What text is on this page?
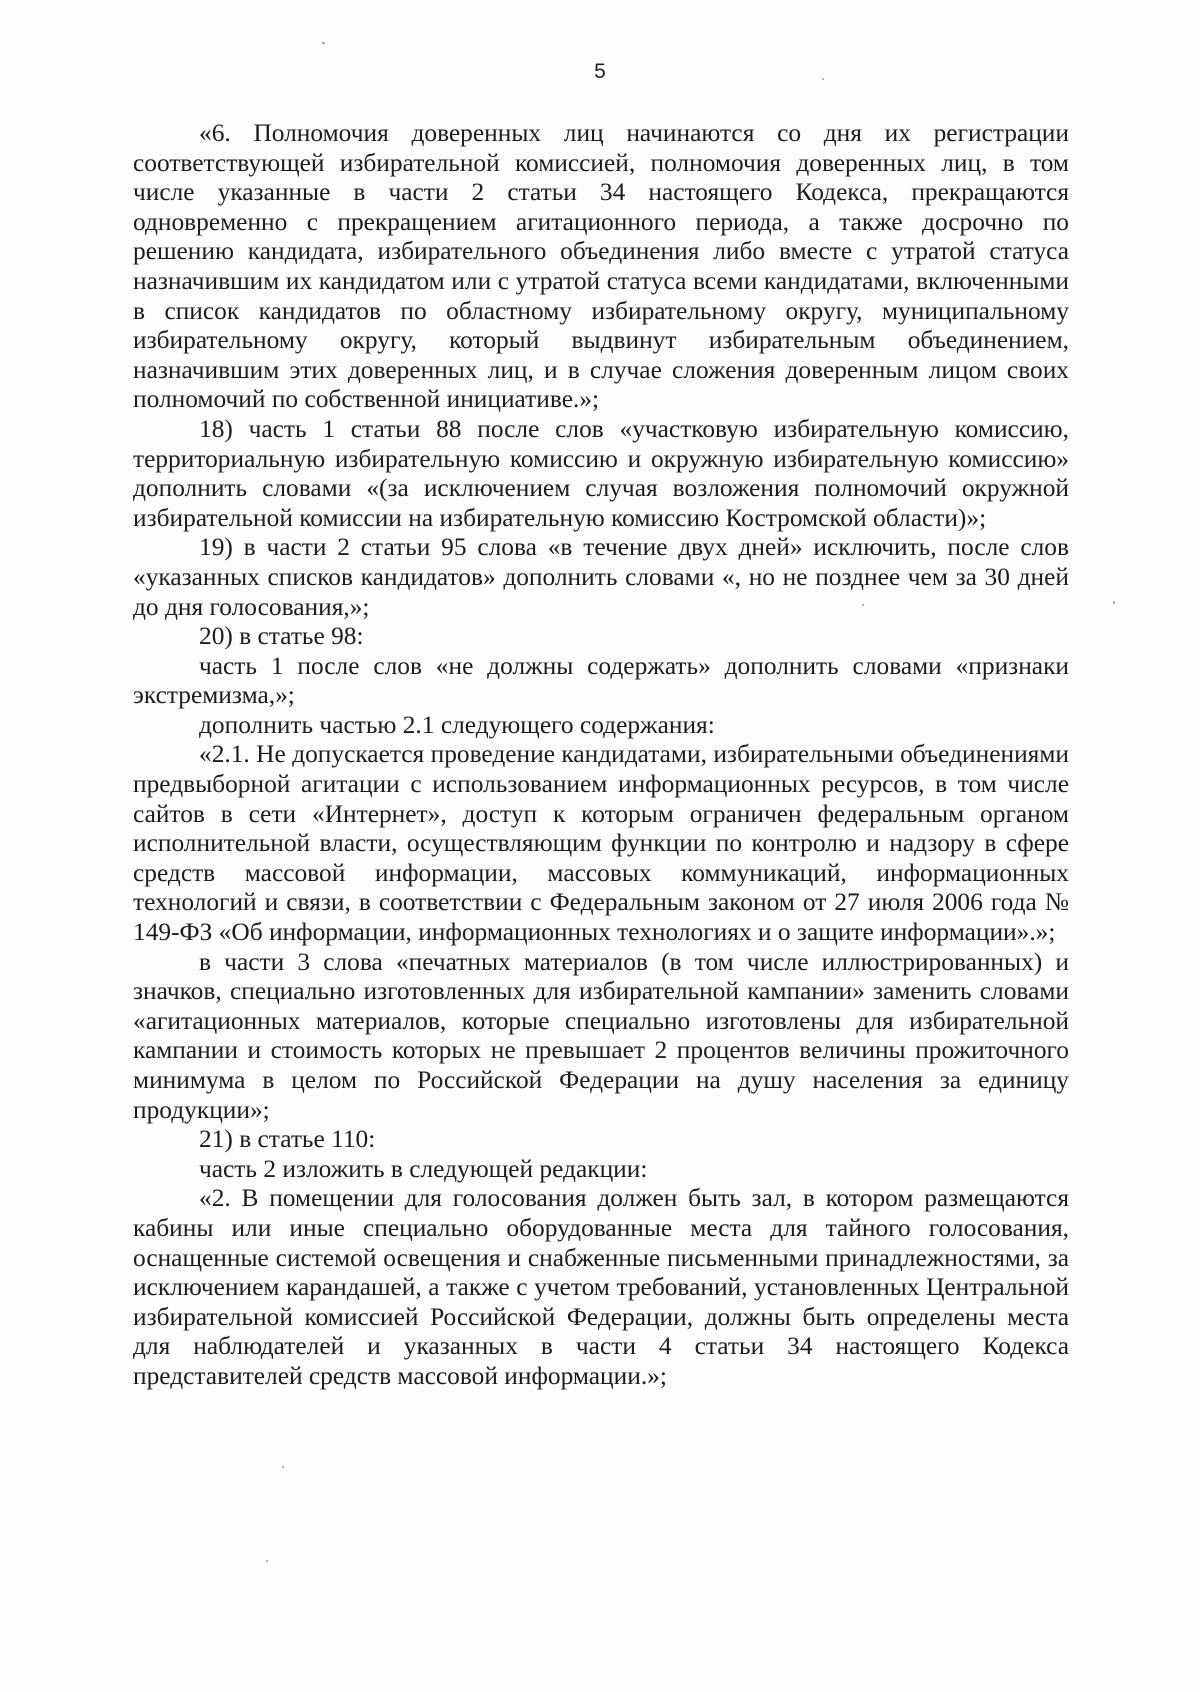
5

«6. Полномочия доверенных лиц начинаются со дня их регистрации соответствующей избирательной комиссией, полномочия доверенных лиц, в том числе указанные в части 2 статьи 34 настоящего Кодекса, прекращаются одновременно с прекращением агитационного периода, а также досрочно по решению кандидата, избирательного объединения либо вместе с утратой статуса назначившим их кандидатом или с утратой статуса всеми кандидатами, включенными в список кандидатов по областному избирательному округу, муниципальному избирательному округу, который выдвинут избирательным объединением, назначившим этих доверенных лиц, и в случае сложения доверенным лицом своих полномочий по собственной инициативе.»;

18) часть 1 статьи 88 после слов «участковую избирательную комиссию, территориальную избирательную комиссию и окружную избирательную комиссию» дополнить словами «(за исключением случая возложения полномочий окружной избирательной комиссии на избирательную комиссию Костромской области)»;

19) в части 2 статьи 95 слова «в течение двух дней» исключить, после слов «указанных списков кандидатов» дополнить словами «, но не позднее чем за 30 дней до дня голосования,»;

20) в статье 98:

часть 1 после слов «не должны содержать» дополнить словами «признаки экстремизма,»;

дополнить частью 2.1 следующего содержания:

«2.1. Не допускается проведение кандидатами, избирательными объединениями предвыборной агитации с использованием информационных ресурсов, в том числе сайтов в сети «Интернет», доступ к которым ограничен федеральным органом исполнительной власти, осуществляющим функции по контролю и надзору в сфере средств массовой информации, массовых коммуникаций, информационных технологий и связи, в соответствии с Федеральным законом от 27 июля 2006 года № 149-ФЗ «Об информации, информационных технологиях и о защите информации».»;

в части 3 слова «печатных материалов (в том числе иллюстрированных) и значков, специально изготовленных для избирательной кампании» заменить словами «агитационных материалов, которые специально изготовлены для избирательной кампании и стоимость которых не превышает 2 процентов величины прожиточного минимума в целом по Российской Федерации на душу населения за единицу продукции»;

21) в статье 110:

часть 2 изложить в следующей редакции:

«2. В помещении для голосования должен быть зал, в котором размещаются кабины или иные специально оборудованные места для тайного голосования, оснащенные системой освещения и снабженные письменными принадлежностями, за исключением карандашей, а также с учетом требований, установленных Центральной избирательной комиссией Российской Федерации, должны быть определены места для наблюдателей и указанных в части 4 статьи 34 настоящего Кодекса представителей средств массовой информации.»;
